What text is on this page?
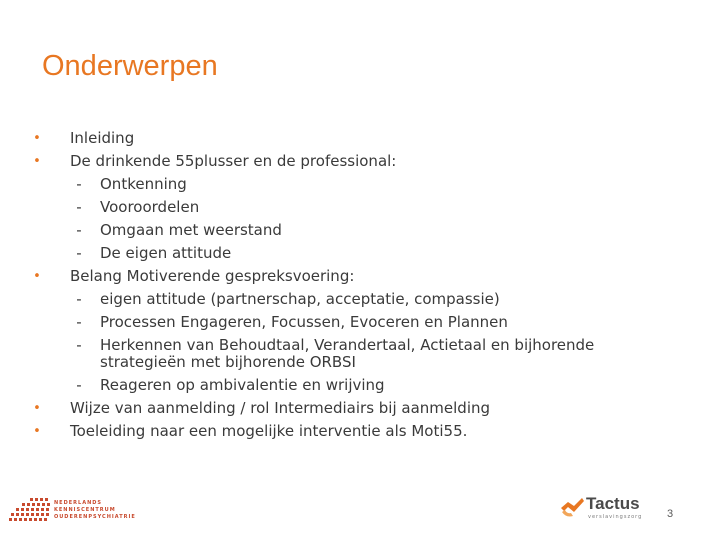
Onderwerpen
• Inleiding
• De drinkende 55plusser en de professional:
- Ontkenning
- Vooroordelen
- Omgaan met weerstand
- De eigen attitude
• Belang Motiverende gespreksvoering:
- eigen attitude (partnerschap, acceptatie, compassie)
- Processen Engageren, Focussen, Evoceren en Plannen
- Herkennen van Behoudtaal, Verandertaal, Actietaal en bijhorende strategieën met bijhorende ORBSI
- Reageren op ambivalentie en wrijving
• Wijze van aanmelding / rol Intermediairs bij aanmelding
• Toeleiding naar een mogelijke interventie als Moti55.
NEDERLANDS
KENNISCENTRUM
OUDERENPSYCHIATRIE
Tactus
verslavingszorg 3
